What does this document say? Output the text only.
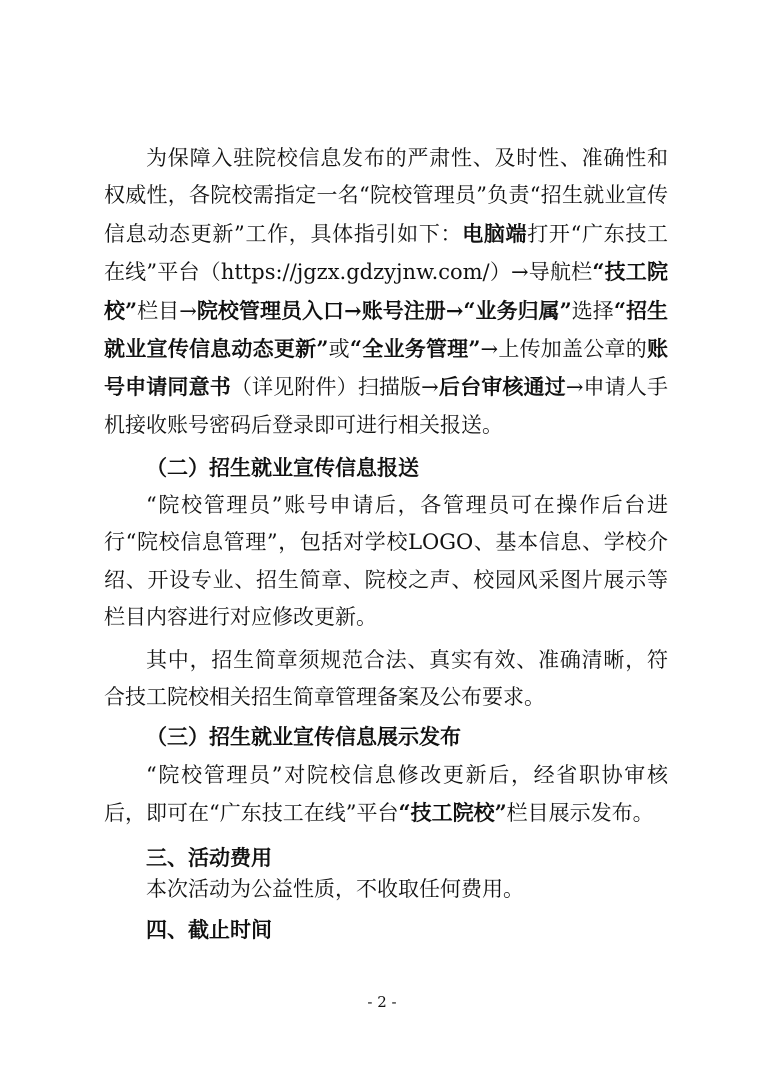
为保障入驻院校信息发布的严肃性、及时性、准确性和权威性，各院校需指定一名“院校管理员”负责“招生就业宣传信息动态更新”工作，具体指引如下：电脑端打开“广东技工在线”平台（https://jgzx.gdzyjnw.com/）→导航栏“技工院校”栏目→院校管理员入口→账号注册→“业务归属”选择“招生就业宣传信息动态更新”或“全业务管理”→上传加盖公章的账号申请同意书（详见附件）扫描版→后台审核通过→申请人手机接收账号密码后登录即可进行相关报送。

（二）招生就业宣传信息报送

“院校管理员”账号申请后，各管理员可在操作后台进行“院校信息管理”，包括对学校LOGO、基本信息、学校介绍、开设专业、招生简章、院校之声、校园风采图片展示等栏目内容进行对应修改更新。

其中，招生简章须规范合法、真实有效、准确清晰，符合技工院校相关招生简章管理备案及公布要求。

（三）招生就业宣传信息展示发布

“院校管理员”对院校信息修改更新后，经省职协审核后，即可在“广东技工在线”平台“技工院校”栏目展示发布。

三、活动费用

本次活动为公益性质，不收取任何费用。

四、截止时间

- 2 -
